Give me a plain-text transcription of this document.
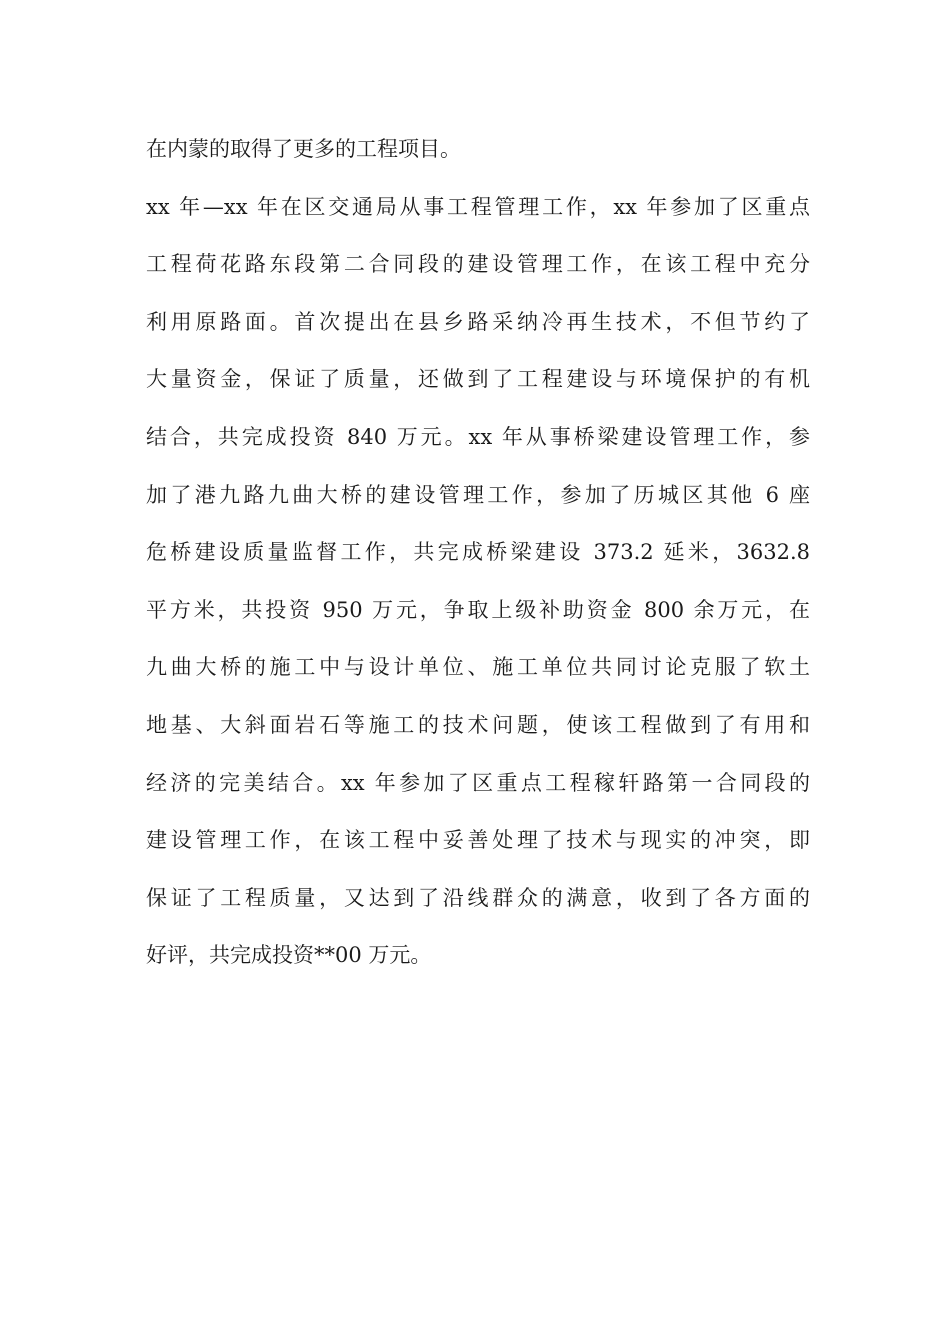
在内蒙的取得了更多的工程项目。
xx 年—xx 年在区交通局从事工程管理工作，xx 年参加了区重点
工程荷花路东段第二合同段的建设管理工作，在该工程中充分
利用原路面。首次提出在县乡路采纳冷再生技术，不但节约了
大量资金，保证了质量，还做到了工程建设与环境保护的有机
结合，共完成投资 840 万元。xx 年从事桥梁建设管理工作，参
加了港九路九曲大桥的建设管理工作，参加了历城区其他 6 座
危桥建设质量监督工作，共完成桥梁建设 373.2 延米，3632.8
平方米，共投资 950 万元，争取上级补助资金 800 余万元，在
九曲大桥的施工中与设计单位、施工单位共同讨论克服了软土
地基、大斜面岩石等施工的技术问题，使该工程做到了有用和
经济的完美结合。xx 年参加了区重点工程稼轩路第一合同段的
建设管理工作，在该工程中妥善处理了技术与现实的冲突，即
保证了工程质量，又达到了沿线群众的满意，收到了各方面的
好评，共完成投资**00 万元。
